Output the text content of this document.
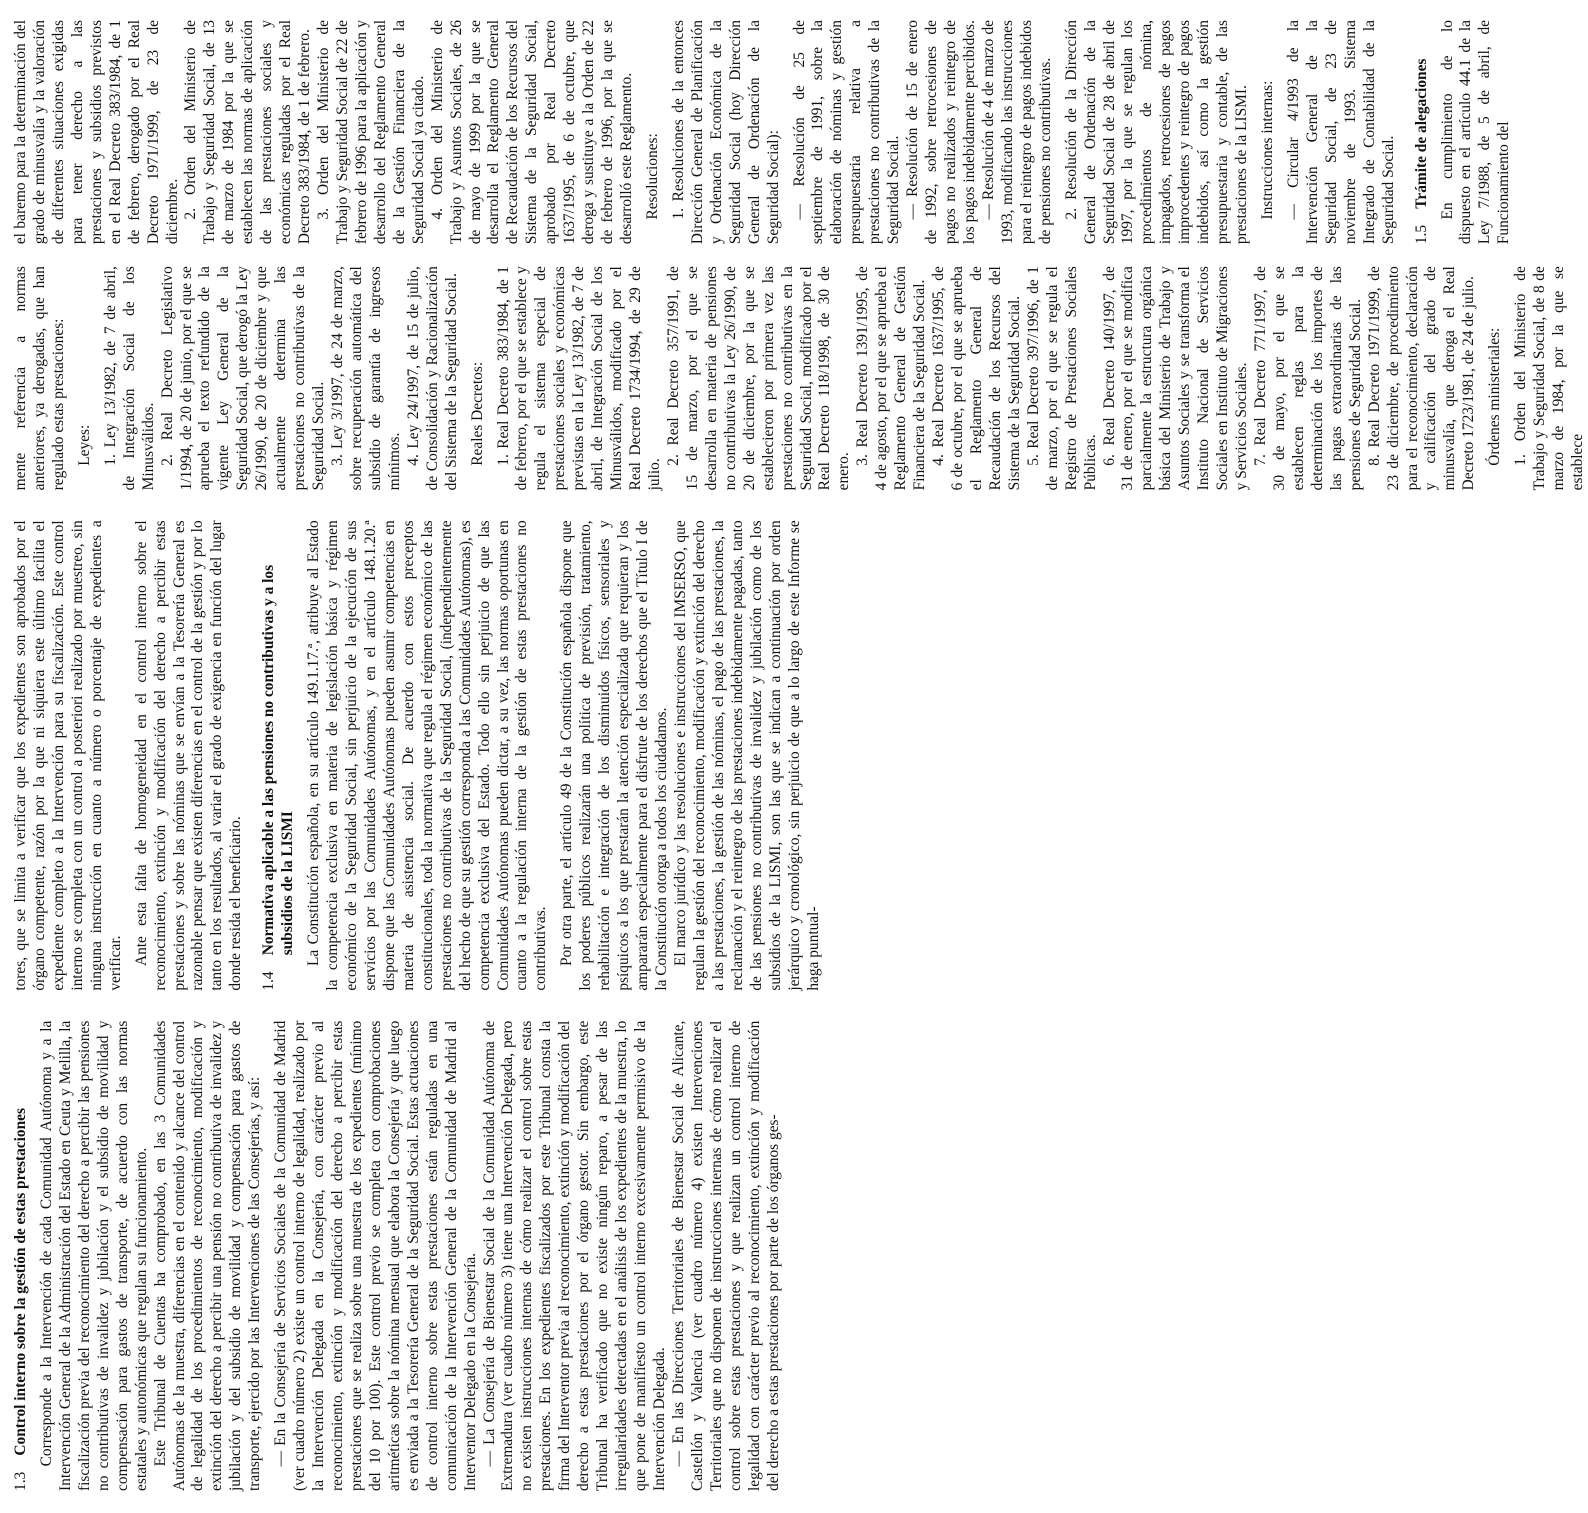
1.3
Control interno sobre la gestión de estas prestaciones Corresponde a la Intervención de cada Comunidad Autónoma y a la Intervención General de la Administración del Estado en Ceuta y Melilla, la fiscalización previa del reconocimiento del derecho a percibir las pensiones no contributivas de invalidez y jubilación y el subsidio de movilidad y compensación para gastos de transporte, de acuerdo con las normas estatales y autonómicas que regulan su funcionamiento. Este Tribunal de Cuentas ha comprobado, en las 3 Comunidades Autónomas de la muestra, diferencias en el contenido y alcance del control de legalidad de los procedimientos de reconocimiento, modificación y extinción del derecho a percibir una pensión no contributiva de invalidez y jubilación y del subsidio de movilidad y compensación para gastos de transporte, ejercido por las Intervenciones de las Consejerías, y así: — En la Consejería de Servicios Sociales de la Comunidad de Madrid (ver cuadro número 2) existe un control interno de legalidad, realizado por la Intervención Delegada en la Consejería, con carácter previo al reconocimiento, extinción y modificación del derecho a percibir estas prestaciones que se realiza sobre una muestra de los expedientes (mínimo del 10 por 100). Este control previo se completa con comprobaciones aritméticas sobre la nómina mensual que elabora la Consejería y que luego es enviada a la Tesorería General de la Seguridad Social. Estas actuaciones de control interno sobre estas prestaciones están reguladas en una comunicación de la Intervención General de la Comunidad de Madrid al Interventor Delegado en la Consejería. — La Consejería de Bienestar Social de la Comunidad Autónoma de Extremadura (ver cuadro número 3) tiene una Intervención Delegada, pero no existen instrucciones internas de cómo realizar el control sobre estas prestaciones. En los expedientes fiscalizados por este Tribunal consta la firma del Interventor previa al reconocimiento, extinción y modificación del derecho a estas prestaciones por el órgano gestor. Sin embargo, este Tribunal ha verificado que no existe ningún reparo, a pesar de las irregularidades detectadas en el análisis de los expedientes de la muestra, lo que pone de manifiesto un control interno excesivamente permisivo de la Intervención Delegada. — En las Direcciones Territoriales de Bienestar Social de Alicante, Castellón y Valencia (ver cuadro número 4) existen Intervenciones Territoriales que no disponen de instrucciones internas de cómo realizar el control sobre estas prestaciones y que realizan un control interno de legalidad con carácter previo al reconocimiento, extinción y modificación del derecho a estas prestaciones por parte de los órganos ges-

tores, que se limita a verificar que los expedientes son aprobados por el órgano competente, razón por la que ni siquiera este último facilita el expediente completo a la Intervención para su fiscalización. Este control interno se completa con un control a posteriori realizado por muestreo, sin ninguna instrucción en cuanto a número o porcentaje de expedientes a verificar. Ante esta falta de homogeneidad en el control interno sobre el reconocimiento, extinción y modificación del derecho a percibir estas prestaciones y sobre las nóminas que se envían a la Tesorería General es razonable pensar que existen diferencias en el control de la gestión y por lo tanto en los resultados, al variar el grado de exigencia en función del lugar donde resida el beneficiario. 1.4
Normativa aplicable a las pensiones no contributivas y a los subsidios de la LISMI La Constitución española, en su artículo 149.1.17.ª, atribuye al Estado la competencia exclusiva en materia de legislación básica y régimen económico de la Seguridad Social, sin perjuicio de la ejecución de sus servicios por las Comunidades Autónomas, y en el artículo 148.1.20.ª dispone que las Comunidades Autónomas pueden asumir competencias en materia de asistencia social. De acuerdo con estos preceptos constitucionales, toda la normativa que regula el régimen económico de las prestaciones no contributivas de la Seguridad Social, (independientemente del hecho de que su gestión corresponda a las Comunidades Autónomas), es competencia exclusiva del Estado. Todo ello sin perjuicio de que las Comunidades Autónomas pueden dictar, a su vez, las normas oportunas en cuanto a la regulación interna de la gestión de estas prestaciones no contributivas. Por otra parte, el artículo 49 de la Constitución española dispone que los poderes públicos realizarán una política de previsión, tratamiento, rehabilitación e integración de los disminuidos físicos, sensoriales y psíquicos a los que prestarán la atención especializada que requieran y los ampararán especialmente para el disfrute de los derechos que el Título I de la Constitución otorga a todos los ciudadanos. El marco jurídico y las resoluciones e instrucciones del IMSERSO, que regulan la gestión del reconocimiento, modificación y extinción del derecho a las prestaciones, la gestión de las nóminas, el pago de las prestaciones, la reclamación y el reintegro de las prestaciones indebidamente pagadas, tanto de las pensiones no contributivas de invalidez y jubilación como de los subsidios de la LISMI, son las que se indican a continuación por orden jerárquico y cronológico, sin perjuicio de que a lo largo de este Informe se haga puntual-

mente referencia a normas anteriores, ya derogadas, que han regulado estas prestaciones: Leyes: 1. Ley 13/1982, de 7 de abril, de Integración Social de los Minusválidos. 2. Real Decreto Legislativo 1/1994, de 20 de junio, por el que se aprueba el texto refundido de la vigente Ley General de la Seguridad Social, que derogó la Ley 26/1990, de 20 de diciembre y que actualmente determina las prestaciones no contributivas de la Seguridad Social. 3. Ley 3/1997, de 24 de marzo, sobre recuperación automática del subsidio de garantía de ingresos mínimos. 4. Ley 24/1997, de 15 de julio, de Consolidación y Racionalización del Sistema de la Seguridad Social. Reales Decretos: 1. Real Decreto 383/1984, de 1 de febrero, por el que se establece y regula el sistema especial de prestaciones sociales y económicas previstas en la Ley 13/1982, de 7 de abril, de Integración Social de los Minusválidos, modificado por el Real Decreto 1734/1994, de 29 de julio.

2. Real Decreto 357/1991, de 15 de marzo, por el que se desarrolla en materia de pensiones no contributivas la Ley 26/1990, de 20 de diciembre, por la que se establecieron por primera vez las prestaciones no contributivas en la Seguridad Social, modificado por el Real Decreto 118/1998, de 30 de enero.

3. Real Decreto 1391/1995, de 4 de agosto, por el que se aprueba el Reglamento General de Gestión Financiera de la Seguridad Social. 4. Real Decreto 1637/1995, de 6 de octubre, por el que se aprueba el Reglamento General de Recaudación de los Recursos del Sistema de la Seguridad Social. 5. Real Decreto 397/1996, de 1 de marzo, por el que se regula el Registro de Prestaciones Sociales Públicas. 6. Real Decreto 140/1997, de 31 de enero, por el que se modifica parcialmente la estructura orgánica básica del Ministerio de Trabajo y Asuntos Sociales y se transforma el Instituto Nacional de Servicios Sociales en Instituto de Migraciones y Servicios Sociales. 7. Real Decreto 771/1997, de 30 de mayo, por el que se establecen reglas para la determinación de los importes de las pagas extraordinarias de las pensiones de Seguridad Social. 8. Real Decreto 1971/1999, de 23 de diciembre, de procedimiento para el reconocimiento, declaración y calificación del grado de minusvalía, que deroga el Real Decreto 1723/1981, de 24 de julio. Órdenes ministeriales: 1. Orden del Ministerio de Trabajo y Seguridad Social, de 8 de marzo de 1984, por la que se establece

el baremo para la determinación del grado de minusvalía y la valoración de diferentes situaciones exigidas para tener derecho a las prestaciones y subsidios previstos en el Real Decreto 383/1984, de 1 de febrero, derogado por el Real Decreto 1971/1999, de 23 de diciembre. 2. Orden del Ministerio de Trabajo y Seguridad Social, de 13 de marzo de 1984 por la que se establecen las normas de aplicación de las prestaciones sociales y económicas reguladas por el Real Decreto 383/1984, de 1 de febrero. 3. Orden del Ministerio de Trabajo y Seguridad Social de 22 de febrero de 1996 para la aplicación y desarrollo del Reglamento General de la Gestión Financiera de la Seguridad Social ya citado. 4. Orden del Ministerio de Trabajo y Asuntos Sociales, de 26 de mayo de 1999 por la que se desarrolla el Reglamento General de Recaudación de los Recursos del Sistema de la Seguridad Social, aprobado por Real Decreto 1637/1995, de 6 de octubre, que deroga y sustituye a la Orden de 22 de febrero de 1996, por la que se desarrolló este Reglamento. Resoluciones: 1. Resoluciones de la entonces Dirección General de Planificación y Ordenación Económica de la Seguridad Social (hoy Dirección General de Ordenación de la Seguridad Social): — Resolución de 25 de septiembre de 1991, sobre la elaboración de nóminas y gestión presupuestaria relativa a prestaciones no contributivas de la Seguridad Social. — Resolución de 15 de enero de 1992, sobre retrocesiones de pagos no realizados y reintegro de los pagos indebidamente percibidos. — Resolución de 4 de marzo de 1993, modificando las instrucciones para el reintegro de pagos indebidos de pensiones no contributivas. 2. Resolución de la Dirección General de Ordenación de la Seguridad Social de 28 de abril de 1997, por la que se regulan los procedimientos de nómina, impagados, retrocesiones de pagos improcedentes y reintegro de pagos indebidos, así como la gestión presupuestaria y contable, de las prestaciones de la LISMI. Instrucciones internas: — Circular 4/1993 de la Intervención General de la Seguridad Social, de 23 de noviembre de 1993. Sistema Integrado de Contabilidad de la Seguridad Social. 1.5
Trámite de alegaciones En cumplimiento de lo dispuesto en el artículo 44.1 de la Ley 7/1988, de 5 de abril, de Funcionamiento del
